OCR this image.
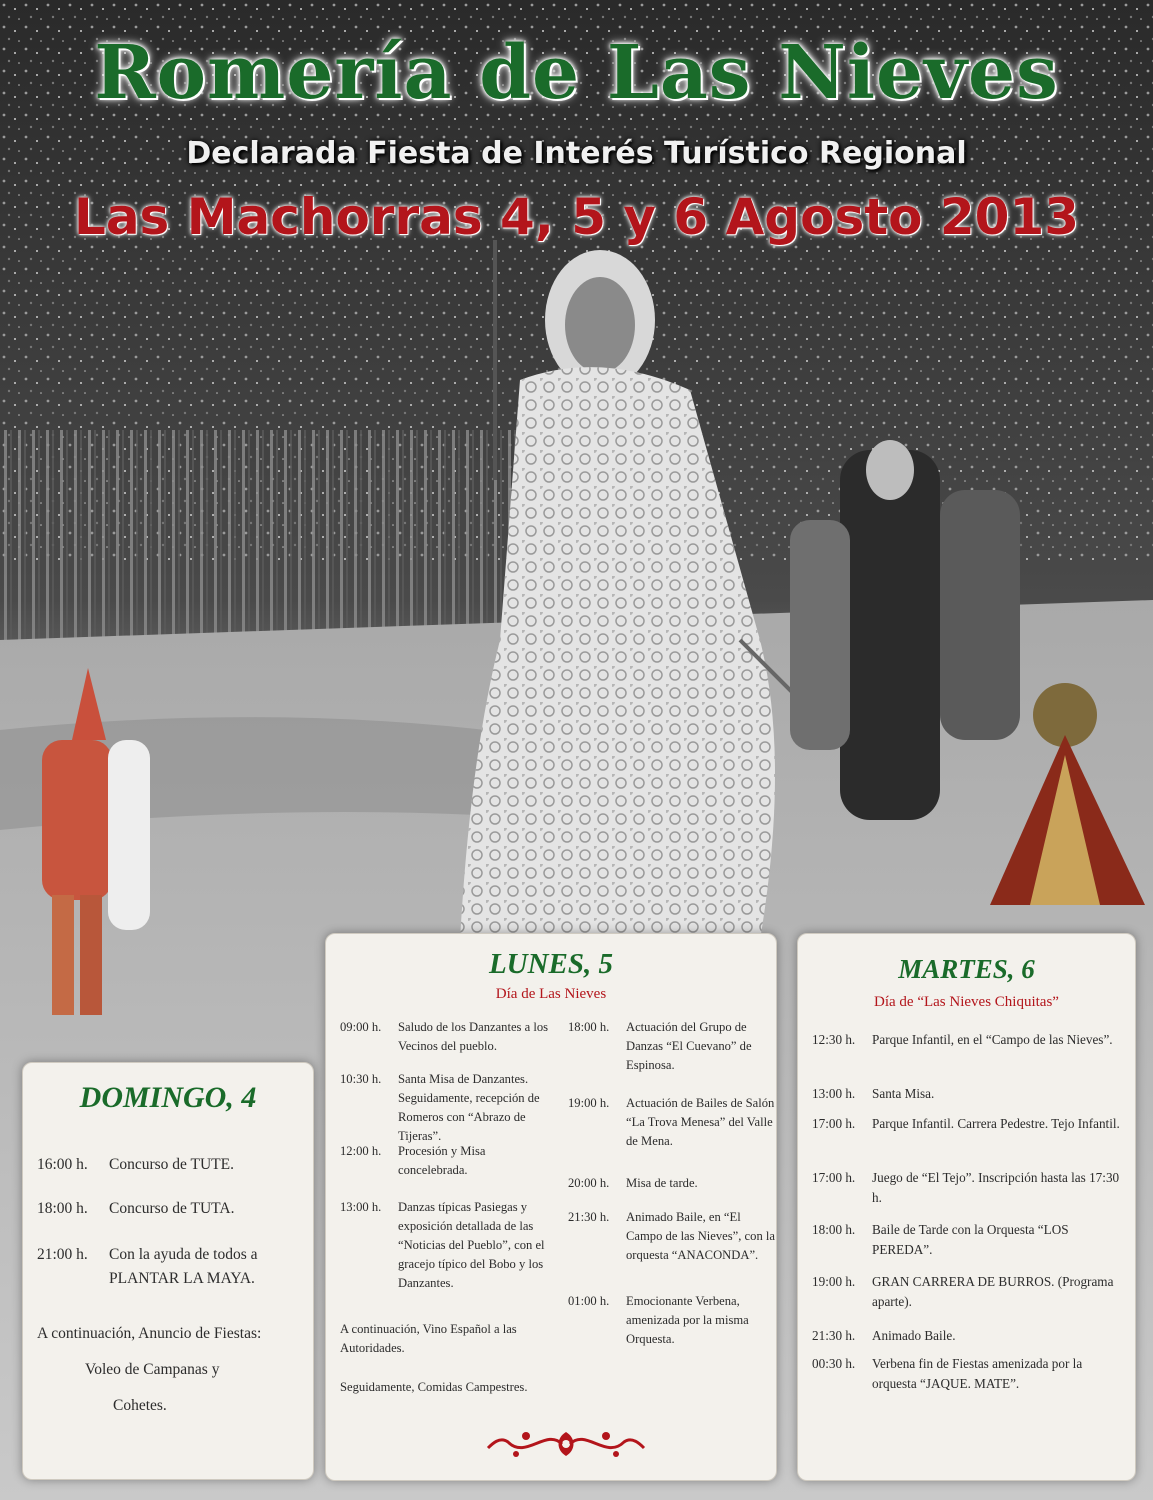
Romería de Las Nieves
Declarada Fiesta de Interés Turístico Regional
Las Machorras 4, 5 y 6 Agosto 2013
DOMINGO, 4
16:00 h. Concurso de TUTE.
18:00 h. Concurso de TUTA.
21:00 h. Con la ayuda de todos a PLANTAR LA MAYA.
A continuación, Anuncio de Fiestas:
Voleo de Campanas y
Cohetes.
LUNES, 5
Día de Las Nieves
09:00 h. Saludo de los Danzantes a los Vecinos del pueblo.
10:30 h. Santa Misa de Danzantes. Seguidamente, recepción de Romeros con “Abrazo de Tijeras”.
12:00 h. Procesión y Misa concelebrada.
13:00 h. Danzas típicas Pasiegas y exposición detallada de las “Noticias del Pueblo”, con el gracejo típico del Bobo y los Danzantes.
A continuación, Vino Español a las Autoridades.
Seguidamente, Comidas Campestres.
18:00 h. Actuación del Grupo de Danzas “El Cuevano” de Espinosa.
19:00 h. Actuación de Bailes de Salón “La Trova Menesa” del Valle de Mena.
20:00 h. Misa de tarde.
21:30 h. Animado Baile, en “El Campo de las Nieves”, con la orquesta “ANACONDA”.
01:00 h. Emocionante Verbena, amenizada por la misma Orquesta.
MARTES, 6
Día de “Las Nieves Chiquitas”
12:30 h. Parque Infantil, en el “Campo de las Nieves”.
13:00 h. Santa Misa.
17:00 h. Parque Infantil. Carrera Pedestre. Tejo Infantil.
17:00 h. Juego de “El Tejo”. Inscripción hasta las 17:30 h.
18:00 h. Baile de Tarde con la Orquesta “LOS PEREDA”.
19:00 h. GRAN CARRERA DE BURROS. (Programa aparte).
21:30 h. Animado Baile.
00:30 h. Verbena fin de Fiestas amenizada por la orquesta “JAQUE. MATE”.
